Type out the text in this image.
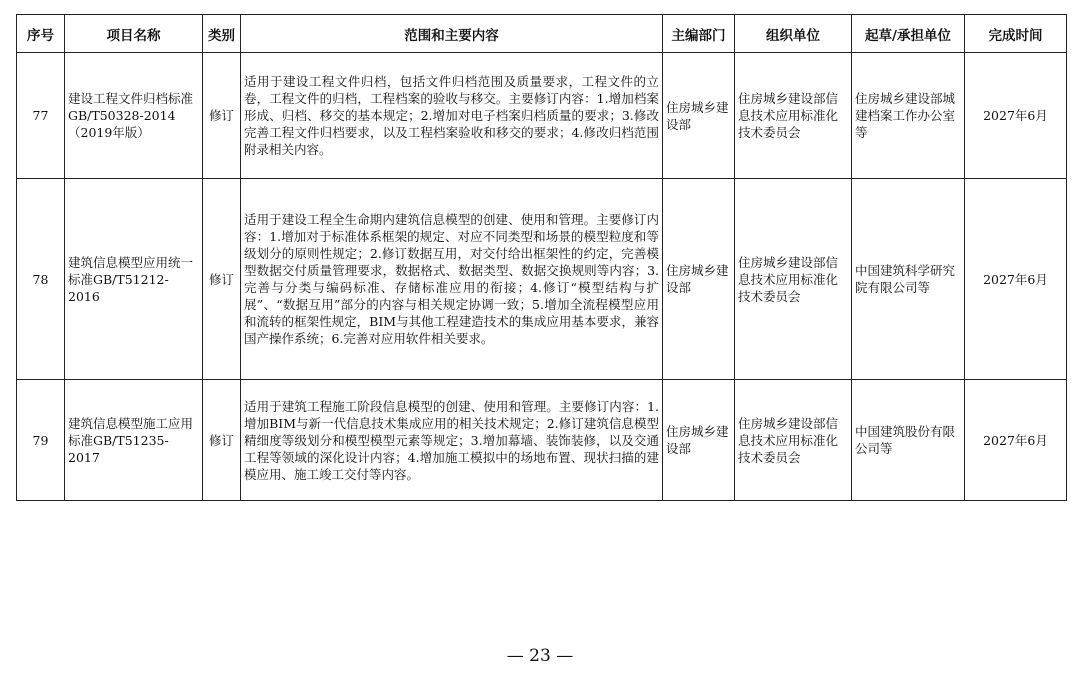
序号	项目名称	类别	范围和主要内容	主编部门	组织单位	起草/承担单位	完成时间
77	建设工程文件归档标准GB/T50328-2014（2019年版）	修订	适用于建设工程文件归档，包括文件归档范围及质量要求，工程文件的立卷，工程文件的归档，工程档案的验收与移交。主要修订内容：1.增加档案形成、归档、移交的基本规定；2.增加对电子档案归档质量的要求；3.修改完善工程文件归档要求，以及工程档案验收和移交的要求；4.修改归档范围附录相关内容。	住房城乡建设部	住房城乡建设部信息技术应用标准化技术委员会	住房城乡建设部城建档案工作办公室等	2027年6月
78	建筑信息模型应用统一标准GB/T51212-2016	修订	适用于建设工程全生命期内建筑信息模型的创建、使用和管理。主要修订内容：1.增加对于标准体系框架的规定、对应不同类型和场景的模型粒度和等级划分的原则性规定；2.修订数据互用，对交付给出框架性的约定，完善模型数据交付质量管理要求，数据格式、数据类型、数据交换规则等内容；3.完善与分类与编码标准、存储标准应用的衔接；4.修订“模型结构与扩展”、“数据互用”部分的内容与相关规定协调一致；5.增加全流程模型应用和流转的框架性规定，BIM与其他工程建造技术的集成应用基本要求，兼容国产操作系统；6.完善对应用软件相关要求。	住房城乡建设部	住房城乡建设部信息技术应用标准化技术委员会	中国建筑科学研究院有限公司等	2027年6月
79	建筑信息模型施工应用标准GB/T51235-2017	修订	适用于建筑工程施工阶段信息模型的创建、使用和管理。主要修订内容：1.增加BIM与新一代信息技术集成应用的相关技术规定；2.修订建筑信息模型精细度等级划分和模型模型元素等规定；3.增加幕墙、装饰装修，以及交通工程等领域的深化设计内容；4.增加施工模拟中的场地布置、现状扫描的建模应用、施工竣工交付等内容。	住房城乡建设部	住房城乡建设部信息技术应用标准化技术委员会	中国建筑股份有限公司等	2027年6月
— 23 —
